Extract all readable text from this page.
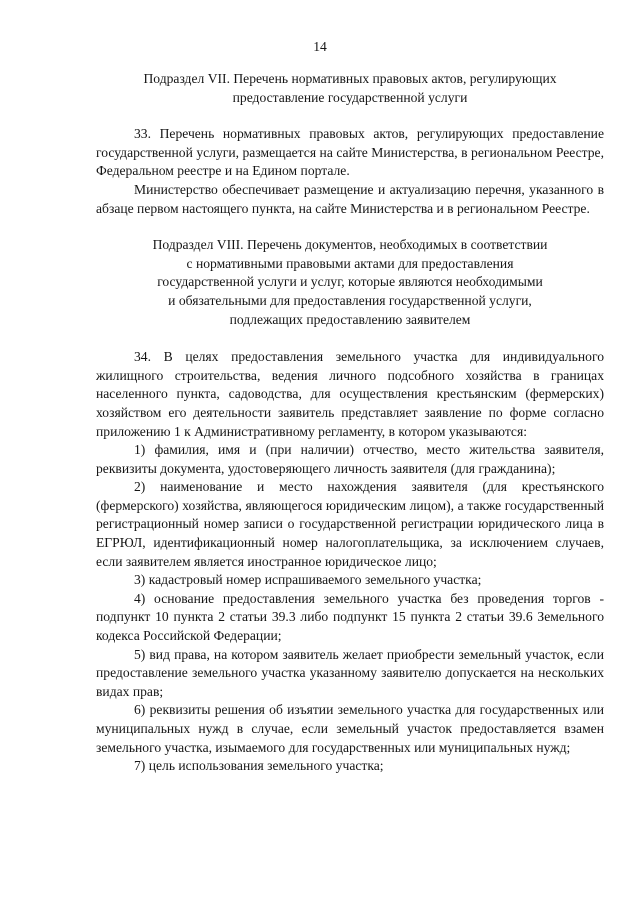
14

Подраздел VII. Перечень нормативных правовых актов, регулирующих
предоставление государственной услуги

33. Перечень нормативных правовых актов, регулирующих предоставление государственной услуги, размещается на сайте Министерства, в региональном Реестре, Федеральном реестре и на Едином портале.

Министерство обеспечивает размещение и актуализацию перечня, указанного в абзаце первом настоящего пункта, на сайте Министерства и в региональном Реестре.

Подраздел VIII. Перечень документов, необходимых в соответствии
с нормативными правовыми актами для предоставления
государственной услуги и услуг, которые являются необходимыми
и обязательными для предоставления государственной услуги,
подлежащих предоставлению заявителем

34. В целях предоставления земельного участка для индивидуального жилищного строительства, ведения личного подсобного хозяйства в границах населенного пункта, садоводства, для осуществления крестьянским (фермерских) хозяйством его деятельности заявитель представляет заявление по форме согласно приложению 1 к Административному регламенту, в котором указываются:

1) фамилия, имя и (при наличии) отчество, место жительства заявителя, реквизиты документа, удостоверяющего личность заявителя (для гражданина);

2) наименование и место нахождения заявителя (для крестьянского (фермерского) хозяйства, являющегося юридическим лицом), а также государственный регистрационный номер записи о государственной регистрации юридического лица в ЕГРЮЛ, идентификационный номер налогоплательщика, за исключением случаев, если заявителем является иностранное юридическое лицо;

3) кадастровый номер испрашиваемого земельного участка;

4) основание предоставления земельного участка без проведения торгов - подпункт 10 пункта 2 статьи 39.3 либо подпункт 15 пункта 2 статьи 39.6 Земельного кодекса Российской Федерации;

5) вид права, на котором заявитель желает приобрести земельный участок, если предоставление земельного участка указанному заявителю допускается на нескольких видах прав;

6) реквизиты решения об изъятии земельного участка для государственных или муниципальных нужд в случае, если земельный участок предоставляется взамен земельного участка, изымаемого для государственных или муниципальных нужд;

7) цель использования земельного участка;
